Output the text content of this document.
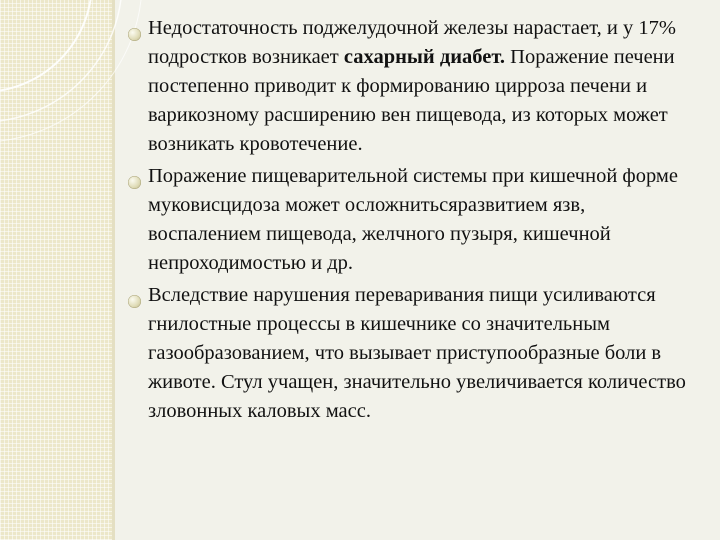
Недостаточность поджелудочной железы нарастает, и у 17% подростков возникает сахарный диабет. Поражение печени постепенно приводит к формированию цирроза печени и варикозному расширению вен пищевода, из которых может возникать кровотечение.

Поражение пищеварительной системы при кишечной форме муковисцидоза может осложнитьсяразвитием язв, воспалением пищевода, желчного пузыря, кишечной непроходимостью и др.

Вследствие нарушения переваривания пищи усиливаются гнилостные процессы в кишечнике со значительным газообразованием, что вызывает приступообразные боли в животе. Стул учащен, значительно увеличивается количество зловонных каловых масс.
